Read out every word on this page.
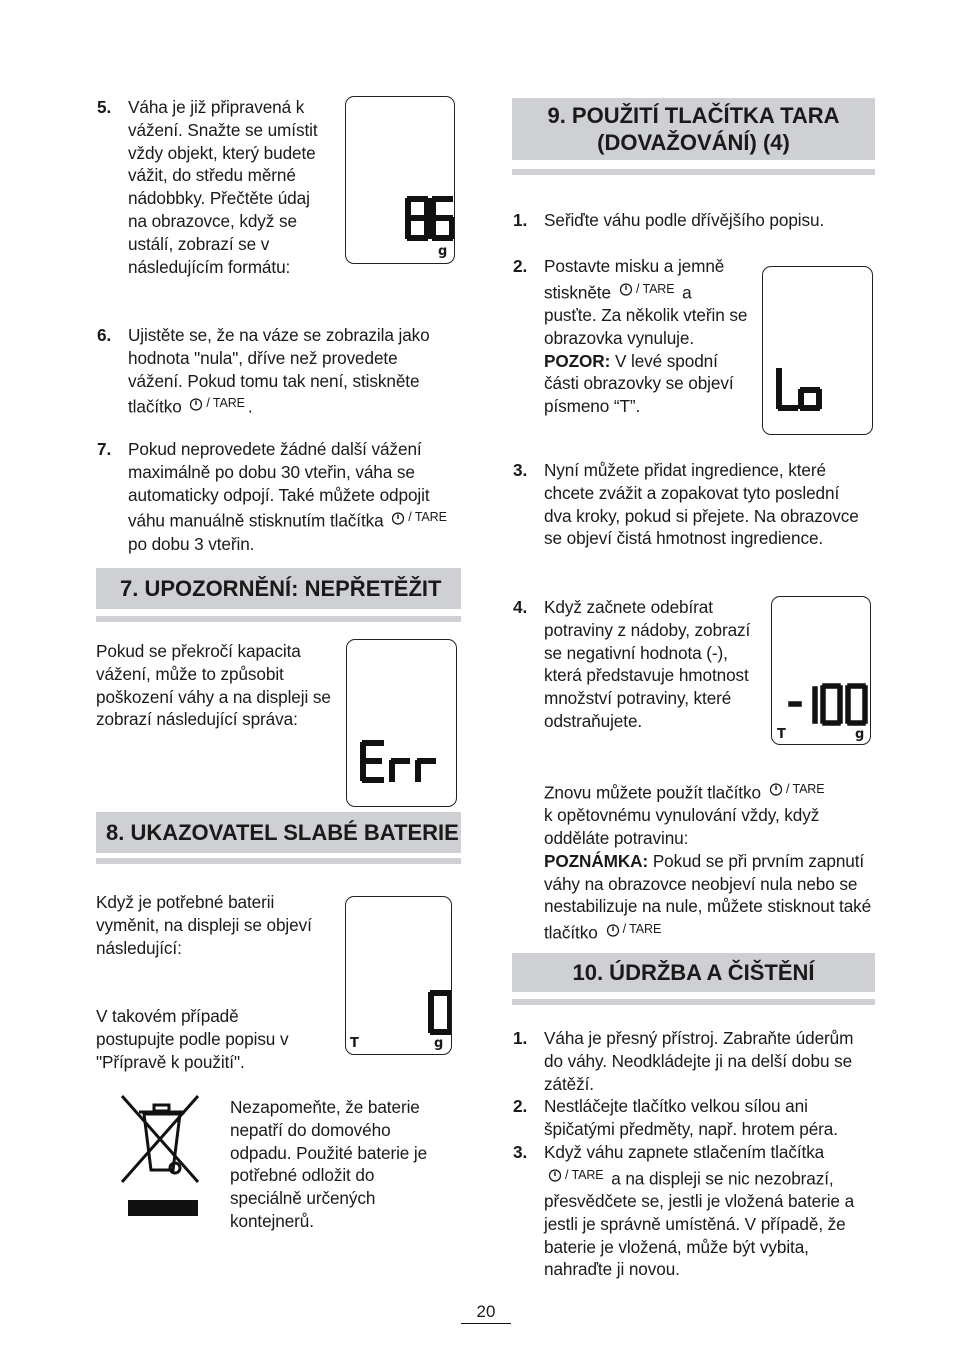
5. Váha je již připravená k vážení. Snažte se umístit vždy objekt, který budete vážit, do středu měrné nádobbky. Přečtěte údaj na obrazovce, když se ustálí, zobrazí se v následujícím formátu:
g
6. Ujistěte se, že na váze se zobrazila jako hodnota "nula", dříve než provedete vážení. Pokud tomu tak není, stiskněte tlačítko / TARE .
7. Pokud neprovedete žádné další vážení maximálně po dobu 30 vteřin, váha se automaticky odpojí. Také můžete odpojit váhu manuálně stisknutím tlačítka / TARE
po dobu 3 vteřin.
7. UPOZORNĚNÍ: NEPŘETĚŽIT
Pokud se překročí kapacita vážení, může to způsobit poškození váhy a na displeji se zobrazí následující správa:
8. UKAZOVATEL SLABÉ BATERIE
Když je potřebné baterii vyměnit, na displeji se objeví následující:
V takovém případě postupujte podle popisu v "Přípravě k použití".
T	g
Nezapomeňte, že baterie nepatří do domového odpadu. Použité baterie je potřebné odložit do speciálně určených kontejnerů.
9. POUŽITÍ TLAČÍTKA TARA
(DOVAŽOVÁNÍ) (4)
1. Seřiďte váhu podle dřívějšího popisu.
2. Postavte misku a jemně
stiskněte / TARE a
pusťte. Za několik vteřin se obrazovka vynuluje.
POZOR: V levé spodní části obrazovky se objeví písmeno “T”.
3. Nyní můžete přidat ingredience, které chcete zvážit a zopakovat tyto poslední dva kroky, pokud si přejete. Na obrazovce se objeví čistá hmotnost ingredience.
4. Když začnete odebírat potraviny z nádoby, zobrazí se negativní hodnota (-), která představuje hmotnost množství potraviny, které odstraňujete.
T	g
Znovu můžete použít tlačítko / TARE
k opětovnému vynulování vždy, když odděláte potravinu:
POZNÁMKA: Pokud se při prvním zapnutí váhy na obrazovce neobjeví nula nebo se nestabilizuje na nule, můžete stisknout také tlačítko / TARE
10. ÚDRŽBA A ČIŠTĚNÍ
1. Váha je přesný přístroj. Zabraňte úderům do váhy. Neodkládejte ji na delší dobu se zátěží.
2. Nestláčejte tlačítko velkou sílou ani špičatými předměty, např. hrotem péra.
3. Když váhu zapnete stlačením tlačítka

/ TARE a na displeji se nic nezobrazí, přesvědčete se, jestli je vložená baterie a jestli je správně umístěná. V případě, že baterie je vložená, může být vybita, nahraďte ji novou.
20
